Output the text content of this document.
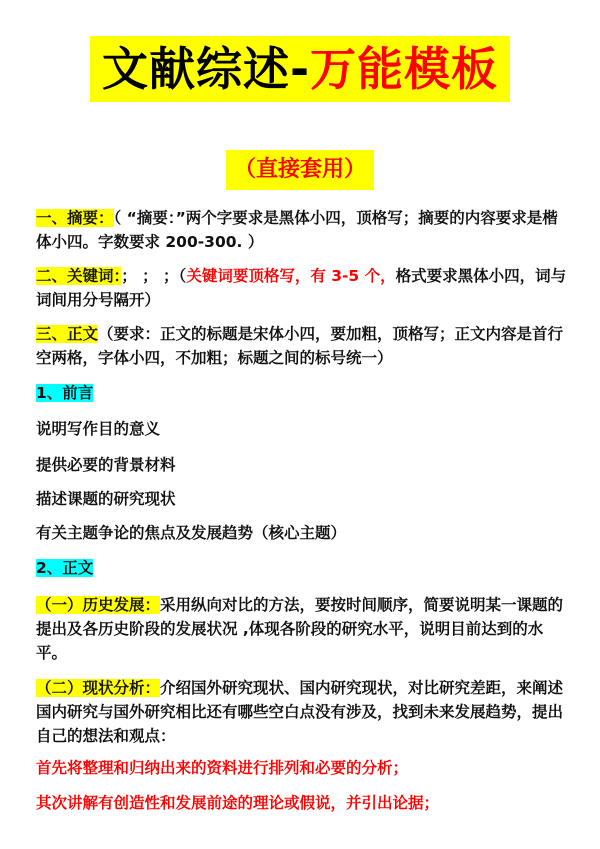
文献综述-万能模板
（直接套用）
一、摘要：（ “摘要：”两个字要求是黑体小四，顶格写；摘要的内容要求是楷体小四。字数要求 200-300. ）
二、关键词：； ； ；（关键词要顶格写，有 3-5 个，格式要求黑体小四，词与词间用分号隔开）
三、正文（要求：正文的标题是宋体小四，要加粗，顶格写；正文内容是首行空两格，字体小四，不加粗；标题之间的标号统一）
1、前言
说明写作目的意义
提供必要的背景材料
描述课题的研究现状
有关主题争论的焦点及发展趋势（核心主题）
2、正文
（一）历史发展：采用纵向对比的方法，要按时间顺序，简要说明某一课题的提出及各历史阶段的发展状况 ,体现各阶段的研究水平，说明目前达到的水平。
（二）现状分析：介绍国外研究现状、国内研究现状，对比研究差距，来阐述国内研究与国外研究相比还有哪些空白点没有涉及，找到未来发展趋势，提出自己的想法和观点：
首先将整理和归纳出来的资料进行排列和必要的分析；
其次讲解有创造性和发展前途的理论或假说，并引出论据；
